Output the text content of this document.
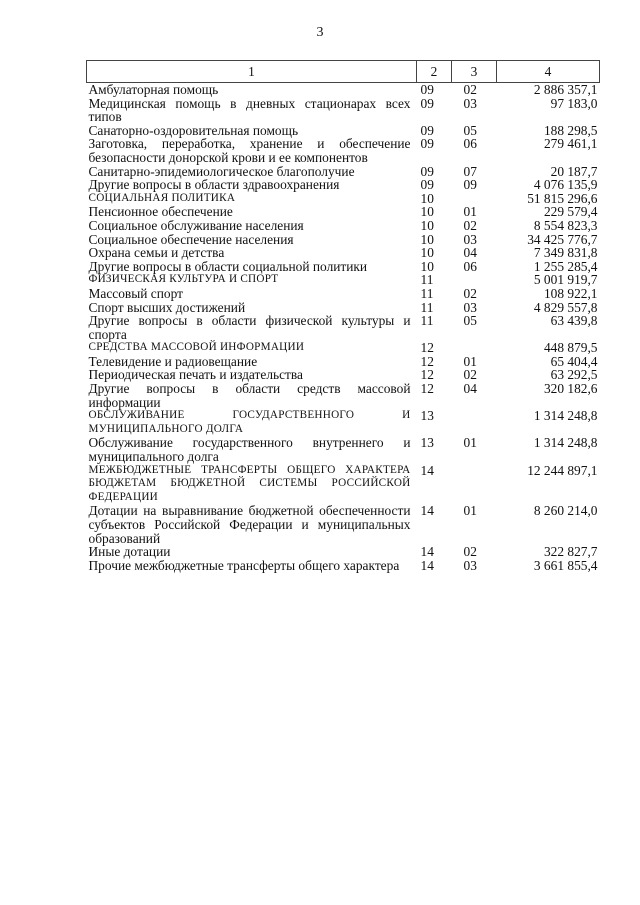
3
1	2	3	4
Амбулаторная помощь	09	02	2 886 357,1
Медицинская помощь в дневных стационарах всех типов	09	03	97 183,0
Санаторно-оздоровительная помощь	09	05	188 298,5
Заготовка, переработка, хранение и обеспечение безопасности донорской крови и ее компонентов	09	06	279 461,1
Санитарно-эпидемиологическое благополучие	09	07	20 187,7
Другие вопросы в области здравоохранения	09	09	4 076 135,9
СОЦИАЛЬНАЯ ПОЛИТИКА	10		51 815 296,6
Пенсионное обеспечение	10	01	229 579,4
Социальное обслуживание населения	10	02	8 554 823,3
Социальное обеспечение населения	10	03	34 425 776,7
Охрана семьи и детства	10	04	7 349 831,8
Другие вопросы в области социальной политики	10	06	1 255 285,4
ФИЗИЧЕСКАЯ КУЛЬТУРА И СПОРТ	11		5 001 919,7
Массовый спорт	11	02	108 922,1
Спорт высших достижений	11	03	4 829 557,8
Другие вопросы в области физической культуры и спорта	11	05	63 439,8
СРЕДСТВА МАССОВОЙ ИНФОРМАЦИИ	12		448 879,5
Телевидение и радиовещание	12	01	65 404,4
Периодическая печать и издательства	12	02	63 292,5
Другие вопросы в области средств массовой информации	12	04	320 182,6
ОБСЛУЖИВАНИЕ ГОСУДАРСТВЕННОГО И МУНИЦИПАЛЬНОГО ДОЛГА	13		1 314 248,8
Обслуживание государственного внутреннего и муниципального долга	13	01	1 314 248,8
МЕЖБЮДЖЕТНЫЕ ТРАНСФЕРТЫ ОБЩЕГО ХАРАКТЕРА БЮДЖЕТАМ БЮДЖЕТНОЙ СИСТЕМЫ РОССИЙСКОЙ ФЕДЕРАЦИИ	14		12 244 897,1
Дотации на выравнивание бюджетной обеспеченности субъектов Российской Федерации и муниципальных образований	14	01	8 260 214,0
Иные дотации	14	02	322 827,7
Прочие межбюджетные трансферты общего характера	14	03	3 661 855,4
